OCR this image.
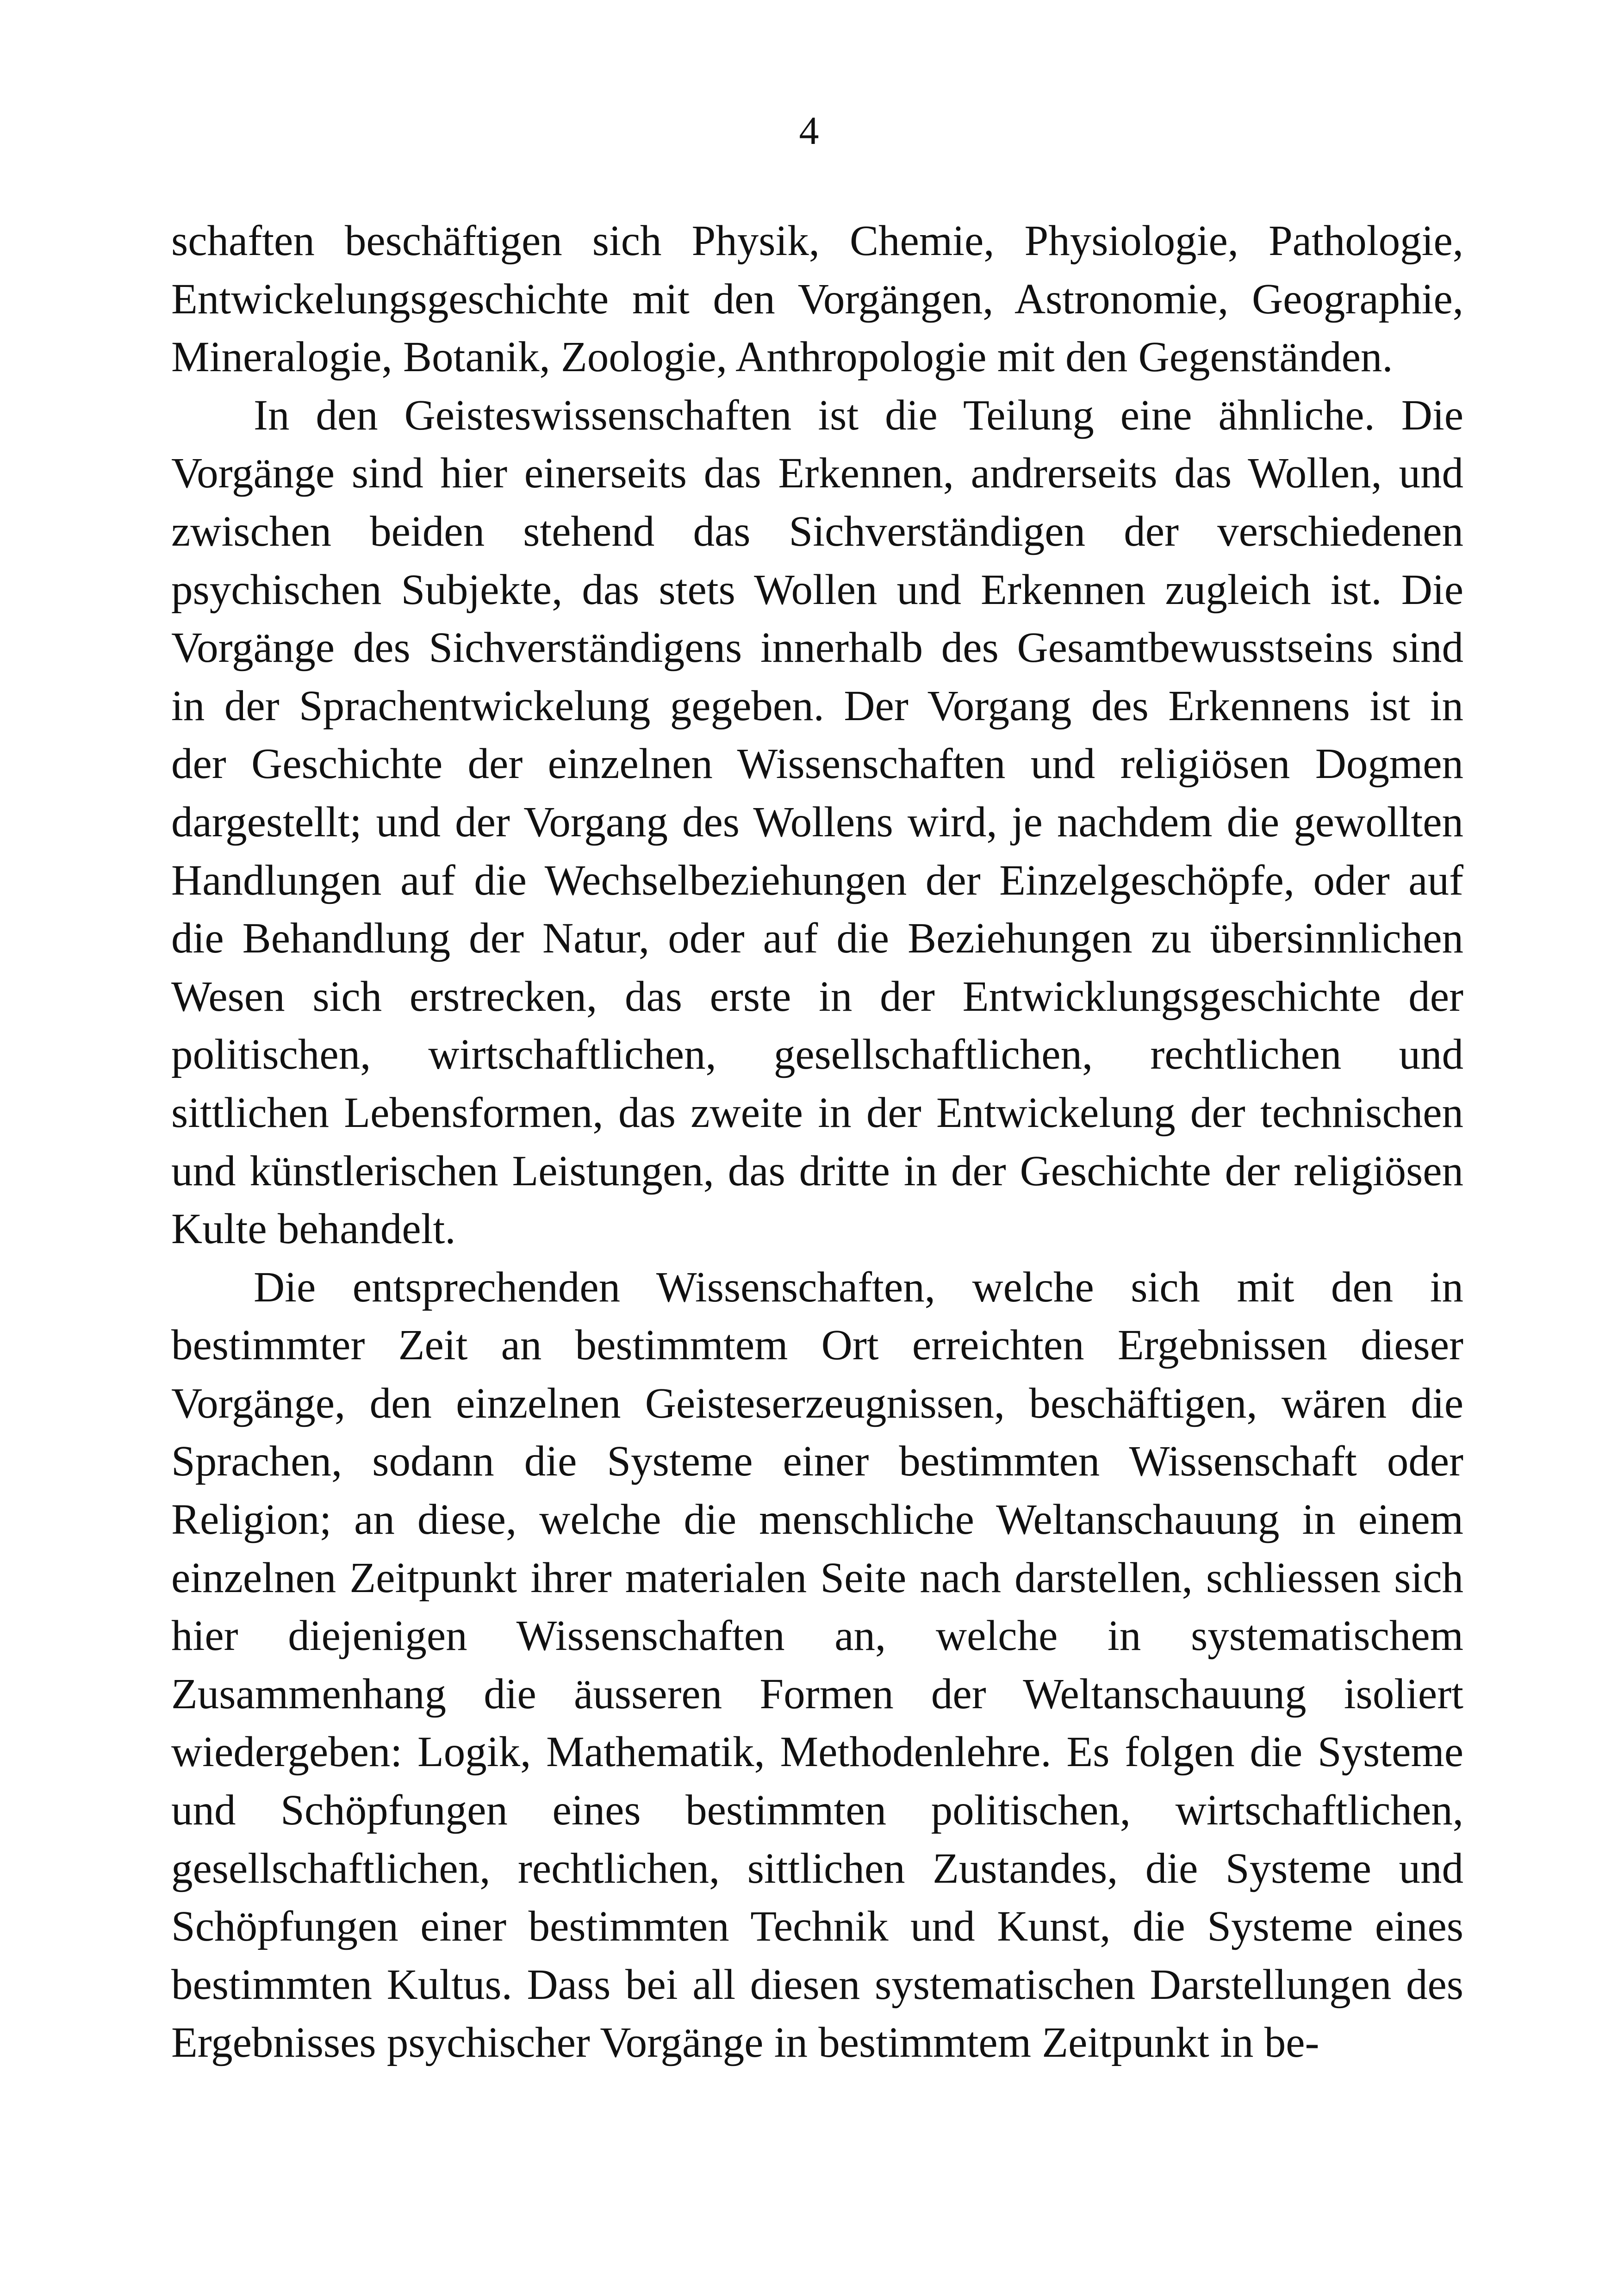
4
schaften beschäftigen sich Physik, Chemie, Physiologie, Pathologie,
Entwickelungsgeschichte mit den Vorgängen, Astronomie, Geographie,
Mineralogie, Botanik, Zoologie, Anthropologie mit den Gegenständen.
In den Geisteswissenschaften ist die Teilung eine ähnliche. Die
Vorgänge sind hier einerseits das Erkennen, andrerseits das Wollen, und
zwischen beiden stehend das Sichverständigen der verschiedenen
psychischen Subjekte, das stets Wollen und Erkennen zugleich ist. Die
Vorgänge des Sichverständigens innerhalb des Gesamtbewusstseins sind
in der Sprachentwickelung gegeben. Der Vorgang des Erkennens ist in
der Geschichte der einzelnen Wissenschaften und religiösen Dogmen
dargestellt; und der Vorgang des Wollens wird, je nachdem die gewollten
Handlungen auf die Wechselbeziehungen der Einzelgeschöpfe, oder auf
die Behandlung der Natur, oder auf die Beziehungen zu übersinnlichen
Wesen sich erstrecken, das erste in der Entwicklungsgeschichte der
politischen, wirtschaftlichen, gesellschaftlichen, rechtlichen und
sittlichen Lebensformen, das zweite in der Entwickelung der technischen
und künstlerischen Leistungen, das dritte in der Geschichte der religiösen
Kulte behandelt.
Die entsprechenden Wissenschaften, welche sich mit den in
bestimmter Zeit an bestimmtem Ort erreichten Ergebnissen dieser
Vorgänge, den einzelnen Geisteserzeugnissen, beschäftigen, wären die
Sprachen, sodann die Systeme einer bestimmten Wissenschaft oder
Religion; an diese, welche die menschliche Weltanschauung in einem
einzelnen Zeitpunkt ihrer materialen Seite nach darstellen, schliessen sich
hier diejenigen Wissenschaften an, welche in systematischem
Zusammenhang die äusseren Formen der Weltanschauung isoliert
wiedergeben: Logik, Mathematik, Methodenlehre. Es folgen die Systeme
und Schöpfungen eines bestimmten politischen, wirtschaftlichen,
gesellschaftlichen, rechtlichen, sittlichen Zustandes, die Systeme und
Schöpfungen einer bestimmten Technik und Kunst, die Systeme eines
bestimmten Kultus. Dass bei all diesen systematischen Darstellungen des
Ergebnisses psychischer Vorgänge in bestimmtem Zeitpunkt in be-
